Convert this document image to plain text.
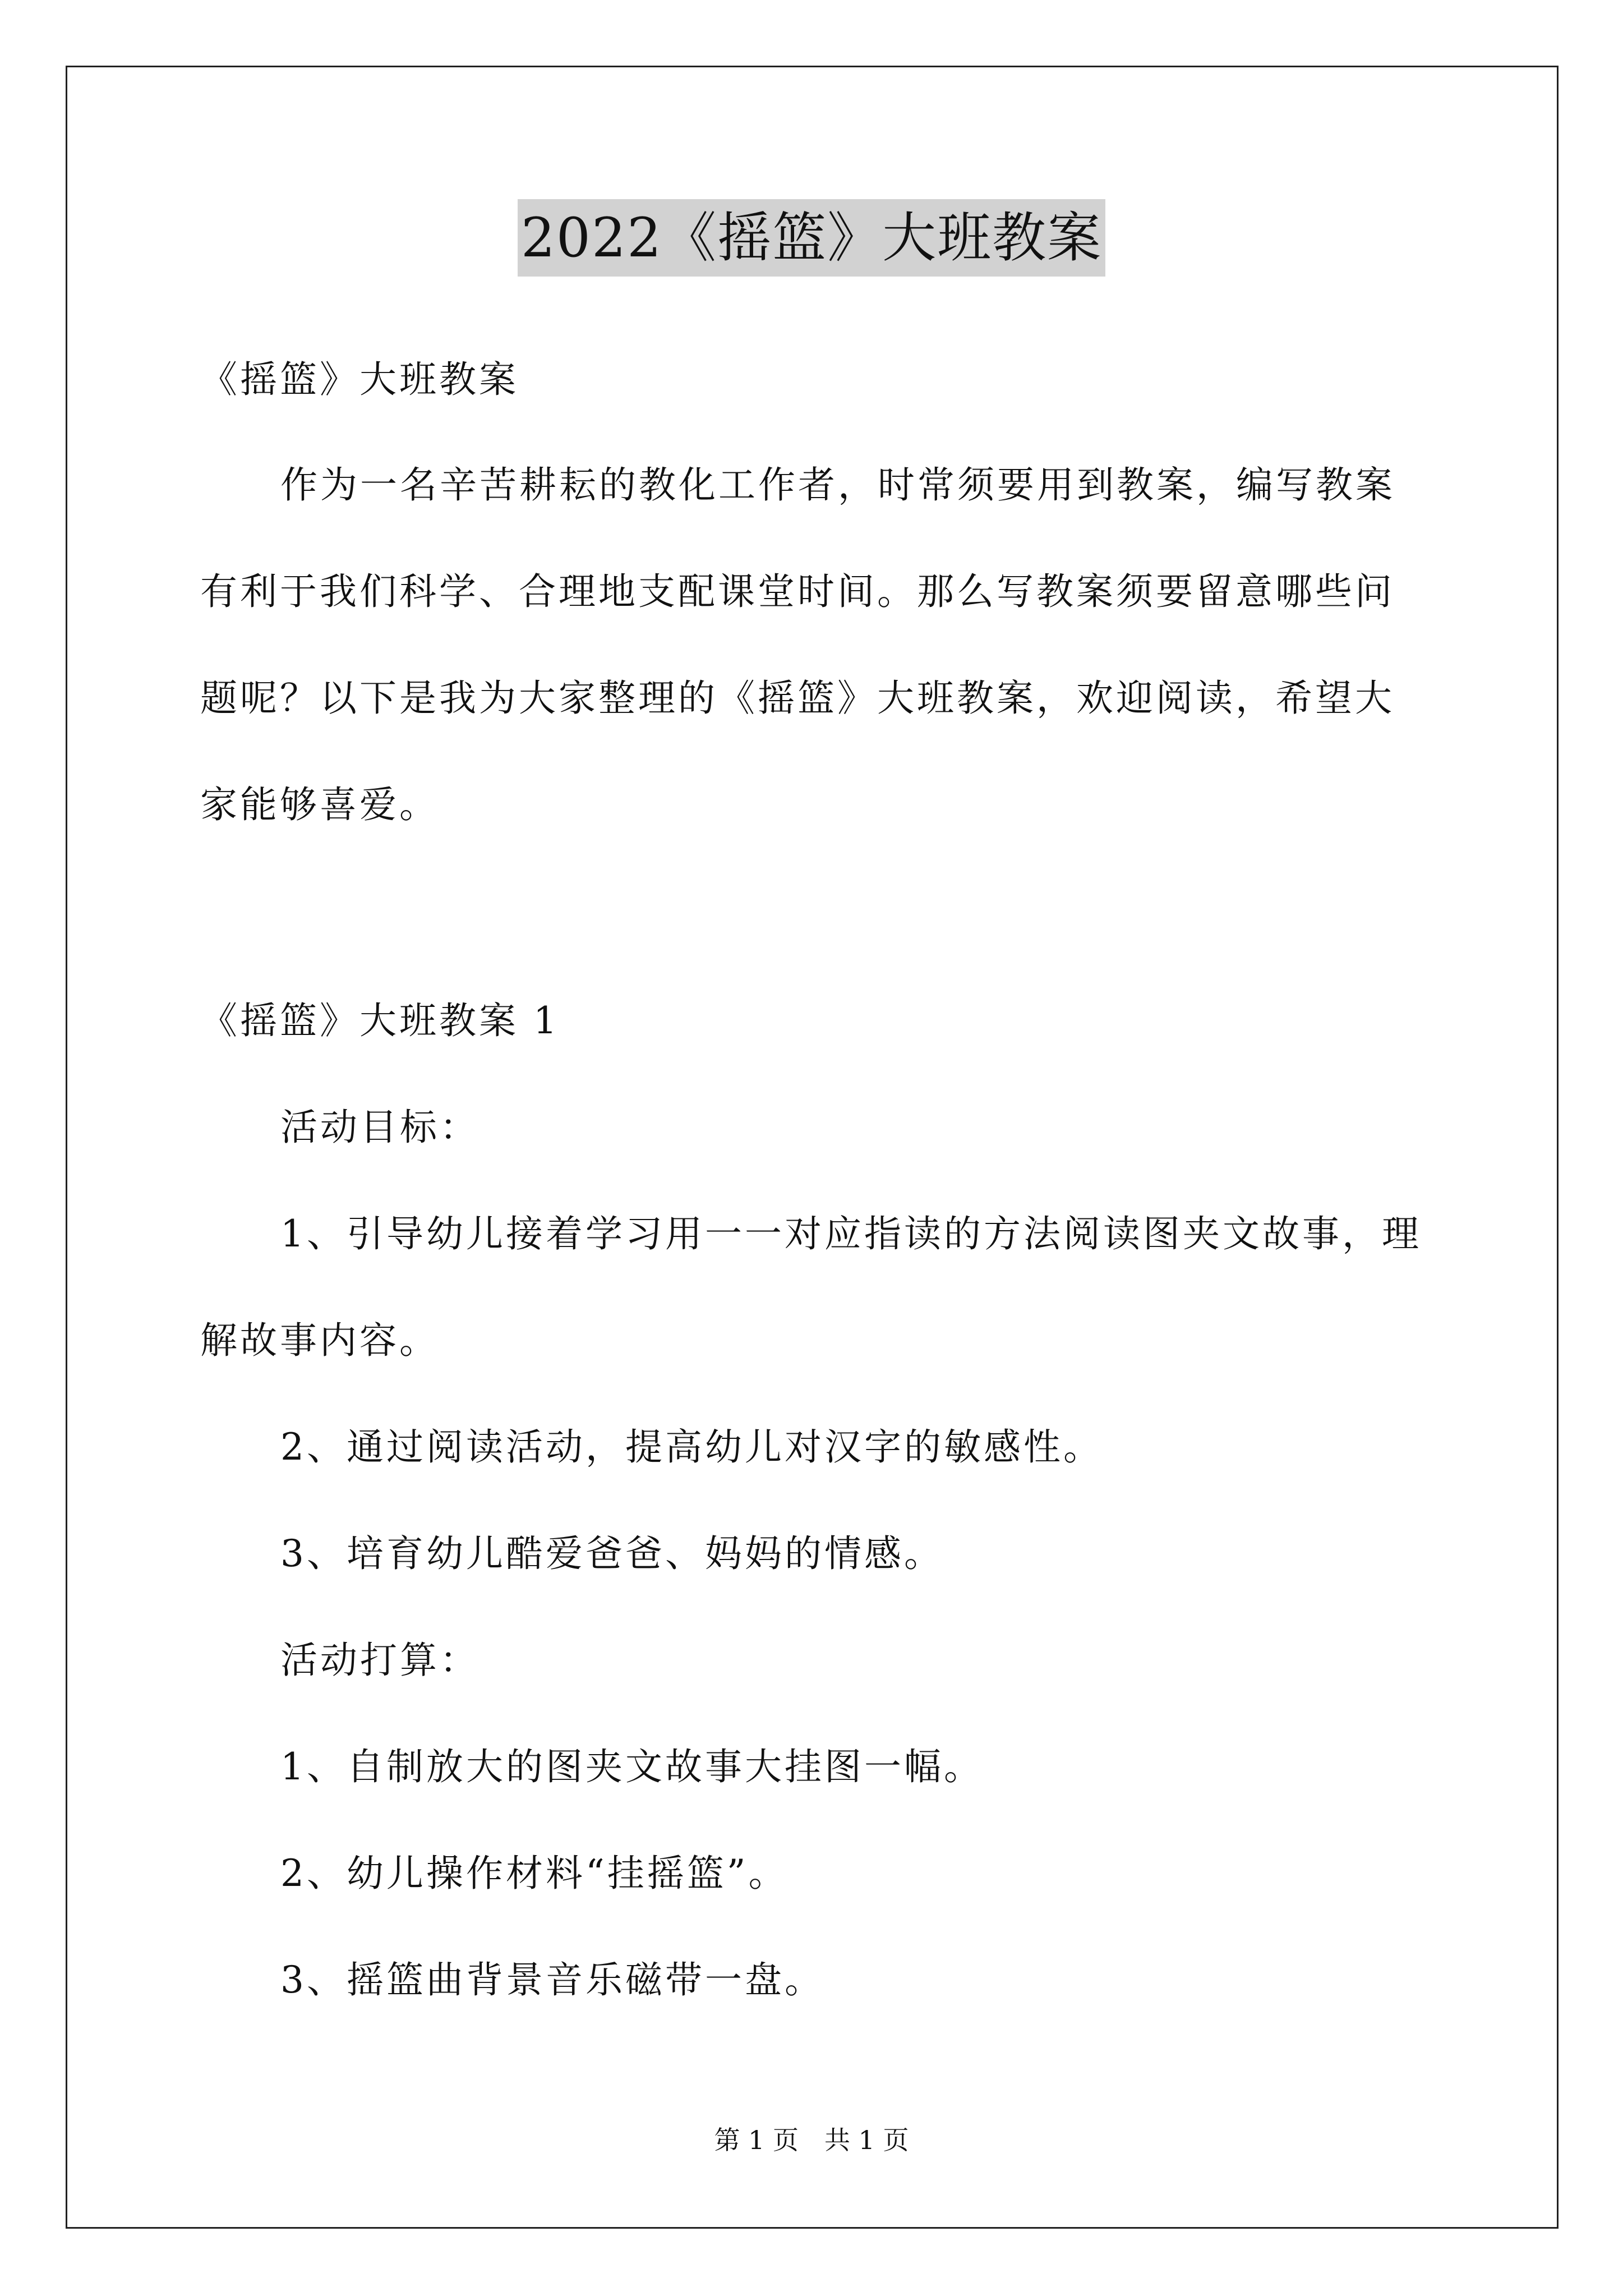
2022《摇篮》大班教案
《摇篮》大班教案
作为一名辛苦耕耘的教化工作者，时常须要用到教案，编写教案
有利于我们科学、合理地支配课堂时间。那么写教案须要留意哪些问
题呢？以下是我为大家整理的《摇篮》大班教案，欢迎阅读，希望大
家能够喜爱。
《摇篮》大班教案 1
活动目标：
1、引导幼儿接着学习用一一对应指读的方法阅读图夹文故事，理
解故事内容。
2、通过阅读活动，提高幼儿对汉字的敏感性。
3、培育幼儿酷爱爸爸、妈妈的情感。
活动打算：
1、自制放大的图夹文故事大挂图一幅。
2、幼儿操作材料“挂摇篮”。
3、摇篮曲背景音乐磁带一盘。
第 1 页　共 1 页
